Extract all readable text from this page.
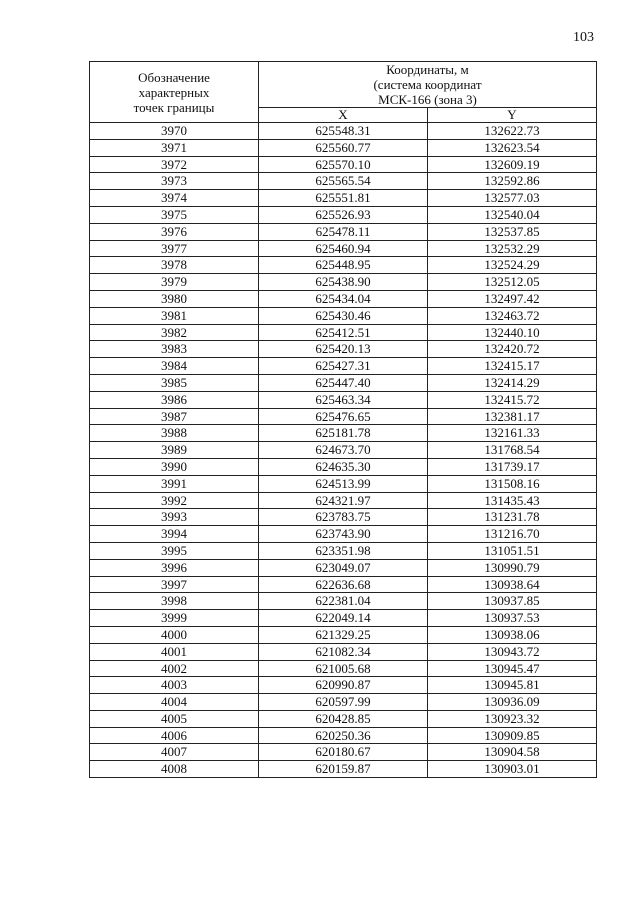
103
Обозначение
характерных
точек границы	Координаты, м
(система координат
МСК-166 (зона 3)	

	X	Y
3970	625548.31	132622.73
3971	625560.77	132623.54
3972	625570.10	132609.19
3973	625565.54	132592.86
3974	625551.81	132577.03
3975	625526.93	132540.04
3976	625478.11	132537.85
3977	625460.94	132532.29
3978	625448.95	132524.29
3979	625438.90	132512.05
3980	625434.04	132497.42
3981	625430.46	132463.72
3982	625412.51	132440.10
3983	625420.13	132420.72
3984	625427.31	132415.17
3985	625447.40	132414.29
3986	625463.34	132415.72
3987	625476.65	132381.17
3988	625181.78	132161.33
3989	624673.70	131768.54
3990	624635.30	131739.17
3991	624513.99	131508.16
3992	624321.97	131435.43
3993	623783.75	131231.78
3994	623743.90	131216.70
3995	623351.98	131051.51
3996	623049.07	130990.79
3997	622636.68	130938.64
3998	622381.04	130937.85
3999	622049.14	130937.53
4000	621329.25	130938.06
4001	621082.34	130943.72
4002	621005.68	130945.47
4003	620990.87	130945.81
4004	620597.99	130936.09
4005	620428.85	130923.32
4006	620250.36	130909.85
4007	620180.67	130904.58
4008	620159.87	130903.01
